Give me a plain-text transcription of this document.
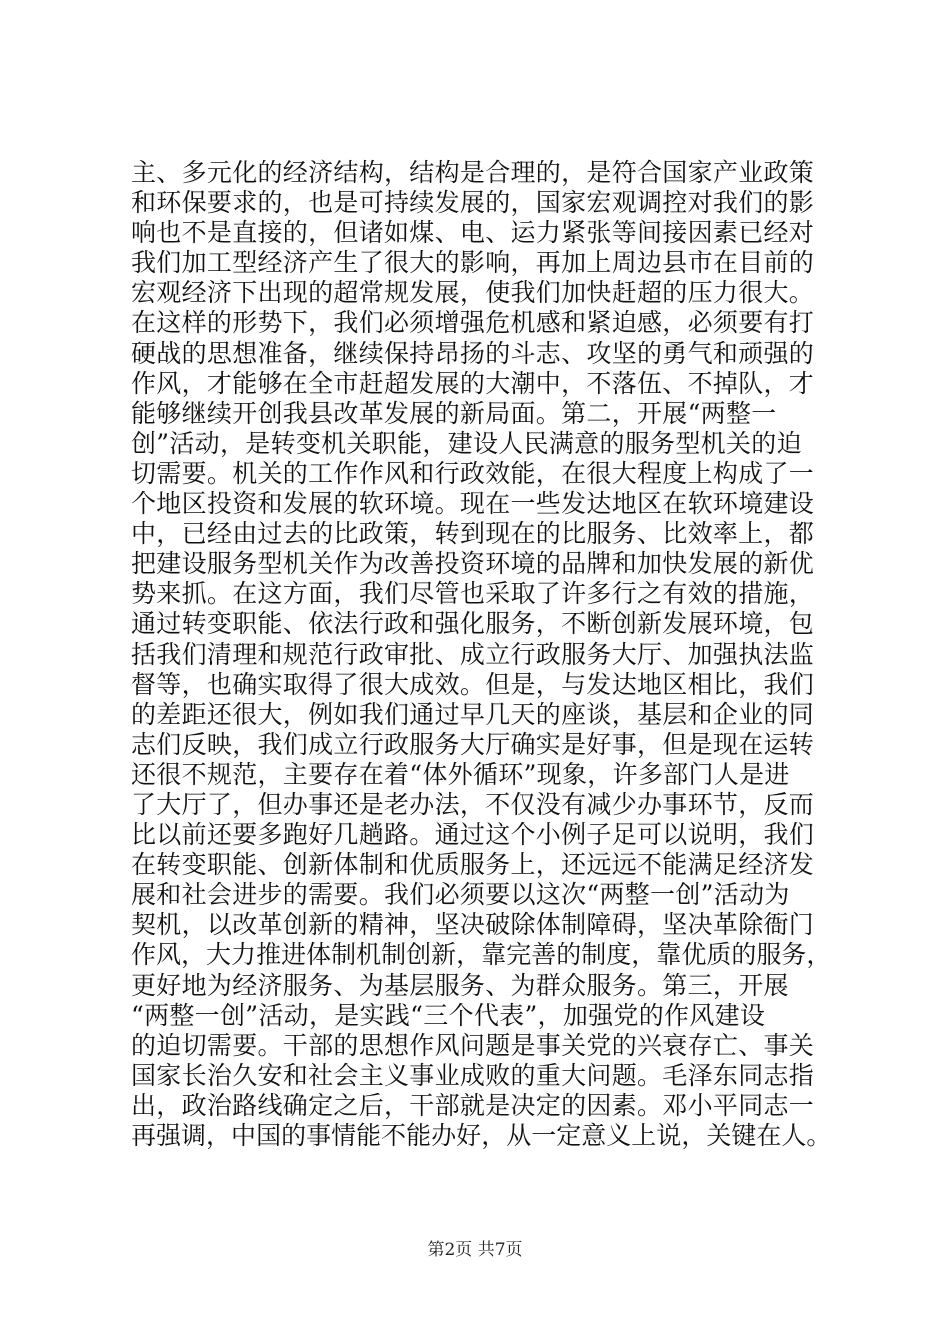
主、多元化的经济结构，结构是合理的，是符合国家产业政策
和环保要求的，也是可持续发展的，国家宏观调控对我们的影
响也不是直接的，但诸如煤、电、运力紧张等间接因素已经对
我们加工型经济产生了很大的影响，再加上周边县市在目前的
宏观经济下出现的超常规发展，使我们加快赶超的压力很大。
在这样的形势下，我们必须增强危机感和紧迫感，必须要有打
硬战的思想准备，继续保持昂扬的斗志、攻坚的勇气和顽强的
作风，才能够在全市赶超发展的大潮中，不落伍、不掉队，才
能够继续开创我县改革发展的新局面。第二，开展“两整一
创”活动，是转变机关职能，建设人民满意的服务型机关的迫
切需要。机关的工作作风和行政效能，在很大程度上构成了一
个地区投资和发展的软环境。现在一些发达地区在软环境建设
中，已经由过去的比政策，转到现在的比服务、比效率上，都
把建设服务型机关作为改善投资环境的品牌和加快发展的新优
势来抓。在这方面，我们尽管也采取了许多行之有效的措施，
通过转变职能、依法行政和强化服务，不断创新发展环境，包
括我们清理和规范行政审批、成立行政服务大厅、加强执法监
督等，也确实取得了很大成效。但是，与发达地区相比，我们
的差距还很大，例如我们通过早几天的座谈，基层和企业的同
志们反映，我们成立行政服务大厅确实是好事，但是现在运转
还很不规范，主要存在着“体外循环”现象，许多部门人是进
了大厅了，但办事还是老办法，不仅没有减少办事环节，反而
比以前还要多跑好几趟路。通过这个小例子足可以说明，我们
在转变职能、创新体制和优质服务上，还远远不能满足经济发
展和社会进步的需要。我们必须要以这次“两整一创”活动为
契机，以改革创新的精神，坚决破除体制障碍，坚决革除衙门
作风，大力推进体制机制创新，靠完善的制度，靠优质的服务，
更好地为经济服务、为基层服务、为群众服务。第三，开展
“两整一创”活动，是实践“三个代表”，加强党的作风建设
的迫切需要。干部的思想作风问题是事关党的兴衰存亡、事关
国家长治久安和社会主义事业成败的重大问题。毛泽东同志指
出，政治路线确定之后，干部就是决定的因素。邓小平同志一
再强调，中国的事情能不能办好，从一定意义上说，关键在人。
第2页 共7页
